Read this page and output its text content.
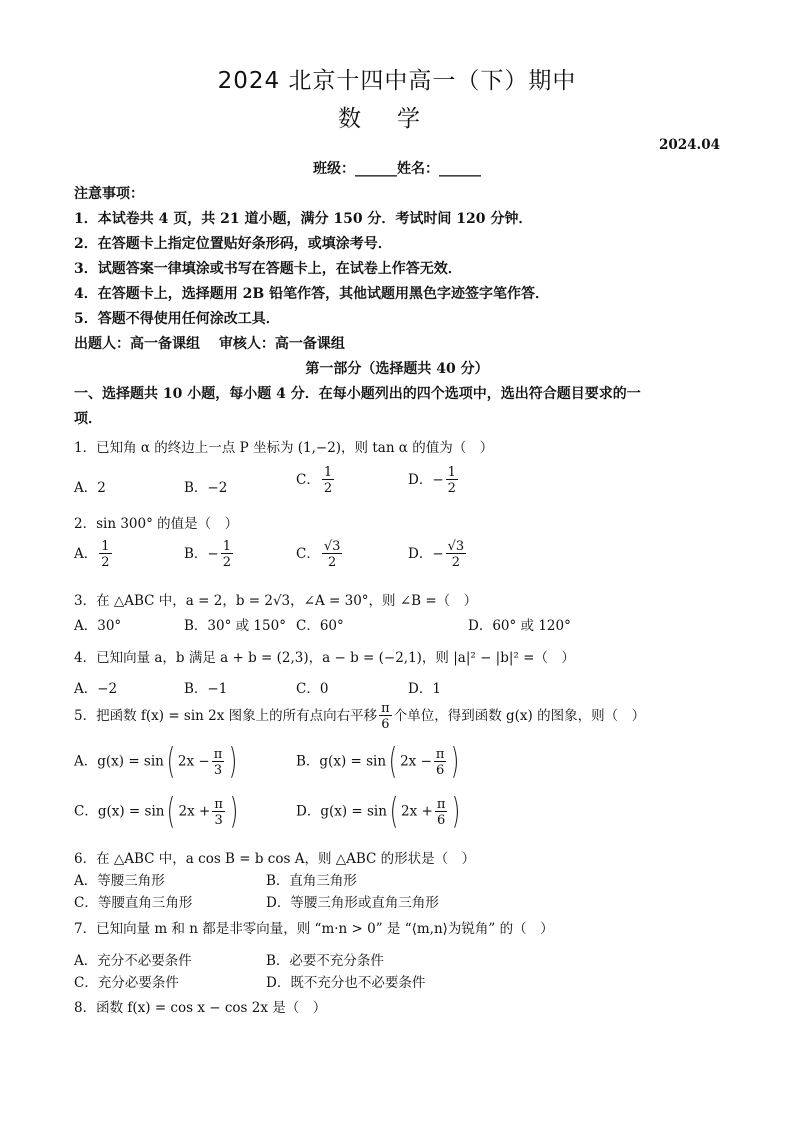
2024 北京十四中高一（下）期中
数学
2024.04
班级：______姓名：______
注意事项：
1．本试卷共 4 页，共 21 道小题，满分 150 分．考试时间 120 分钟．
2．在答题卡上指定位置贴好条形码，或填涂考号．
3．试题答案一律填涂或书写在答题卡上，在试卷上作答无效．
4．在答题卡上，选择题用 2B 铅笔作答，其他试题用黑色字迹签字笔作答．
5．答题不得使用任何涂改工具．
出题人：高一备课组　 审核人：高一备课组
第一部分（选择题共 40 分）
一、选择题共 10 小题，每小题 4 分．在每小题列出的四个选项中，选出符合题目要求的一
项．
1．已知角 α 的终边上一点 P 坐标为 (1,−2)，则 tan α 的值为（　）
A．2	B．−2	C． $\frac{1}{2}$	D．− $\frac{1}{2}$
2．sin 300° 的值是（　）
A． $\frac{1}{2}$	B．− $\frac{1}{2}$	C． $\frac{√3}{2}$	D．− $\frac{√3}{2}$
3．在 △ABC 中，a = 2，b = 2√3，∠A = 30°，则 ∠B =（　）
A．30°	B．30° 或 150° C．60°	D．60° 或 120°
4．已知向量 a，b 满足 a + b = (2,3)，a − b = (−2,1)，则 |a|² − |b|² =（　）
A．−2	B．−1	C．0	D．1
5．把函数 f(x) = sin 2x 图象上的所有点向右平移 $\frac{\pi}{6}$ 个单位，得到函数 g(x) 的图象，则（　）
A．g(x) = sin( $2x - \frac{\pi}{3}$ )	B．g(x) = sin( $2x - \frac{\pi}{6}$ )
C．g(x) = sin( $2x + \frac{\pi}{3}$ )	D．g(x) = sin( $2x + \frac{\pi}{6}$ )
6．在 △ABC 中，a cos B = b cos A，则 △ABC 的形状是（　）
A．等腰三角形	B．直角三角形
C．等腰直角三角形	D．等腰三角形或直角三角形
7．已知向量 m 和 n 都是非零向量，则 “m·n > 0” 是 “⟨m,n⟩为锐角” 的（　）
A．充分不必要条件	B．必要不充分条件
C．充分必要条件	D．既不充分也不必要条件
8．函数 f(x) = cos x − cos 2x 是（　）
